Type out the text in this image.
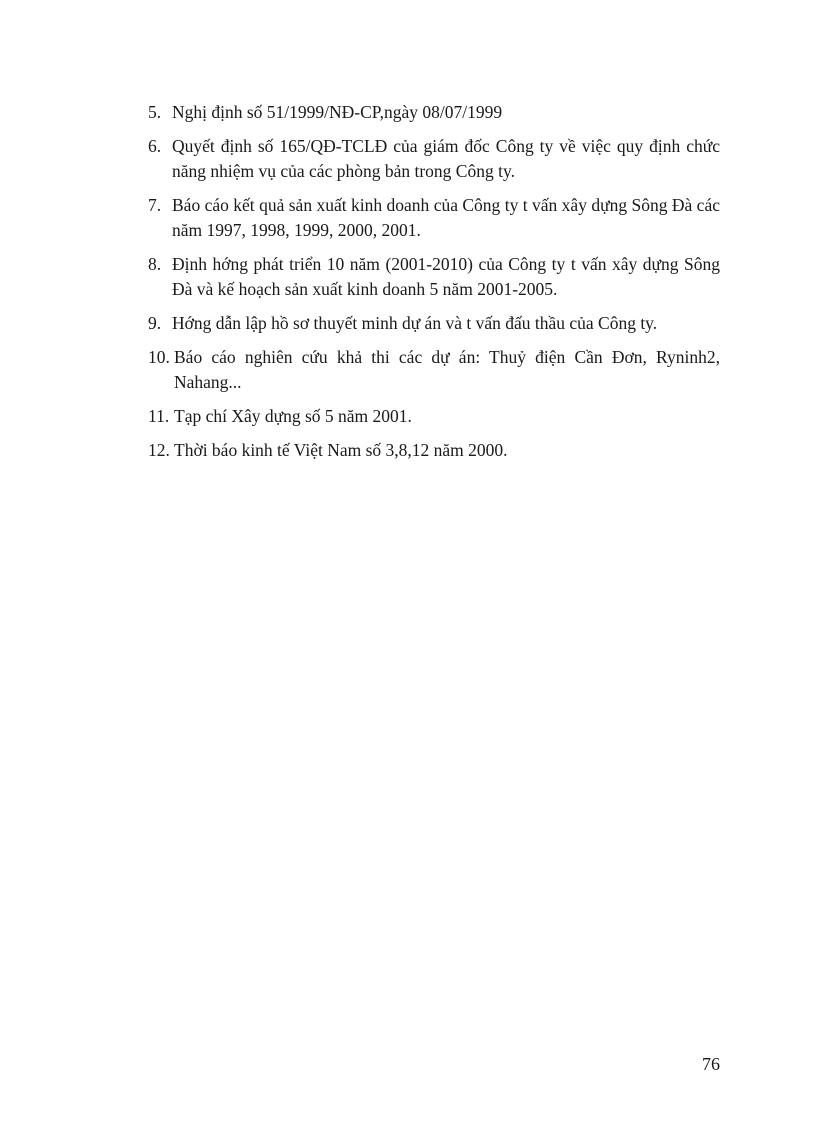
5. Nghị định số 51/1999/NĐ-CP,ngày 08/07/1999
6. Quyết định số 165/QĐ-TCLĐ của giám đốc Công ty về việc quy định chức năng nhiệm vụ của các phòng bản trong Công ty.
7. Báo cáo kết quả sản xuất kinh doanh của Công ty t vấn xây dựng Sông Đà các năm 1997, 1998, 1999, 2000, 2001.
8. Định hớng phát triển 10 năm (2001-2010) của Công ty t vấn xây dựng Sông Đà và kế hoạch sản xuất kinh doanh 5 năm 2001-2005.
9. Hớng dẫn lập hồ sơ thuyết minh dự án và t vấn đấu thầu của Công ty.
10. Báo cáo nghiên cứu khả thi các dự án: Thuỷ điện Cần Đơn, Ryninh2, Nahang...
11. Tạp chí Xây dựng số 5 năm 2001.
12. Thời báo kinh tế Việt Nam số 3,8,12 năm 2000.
76
